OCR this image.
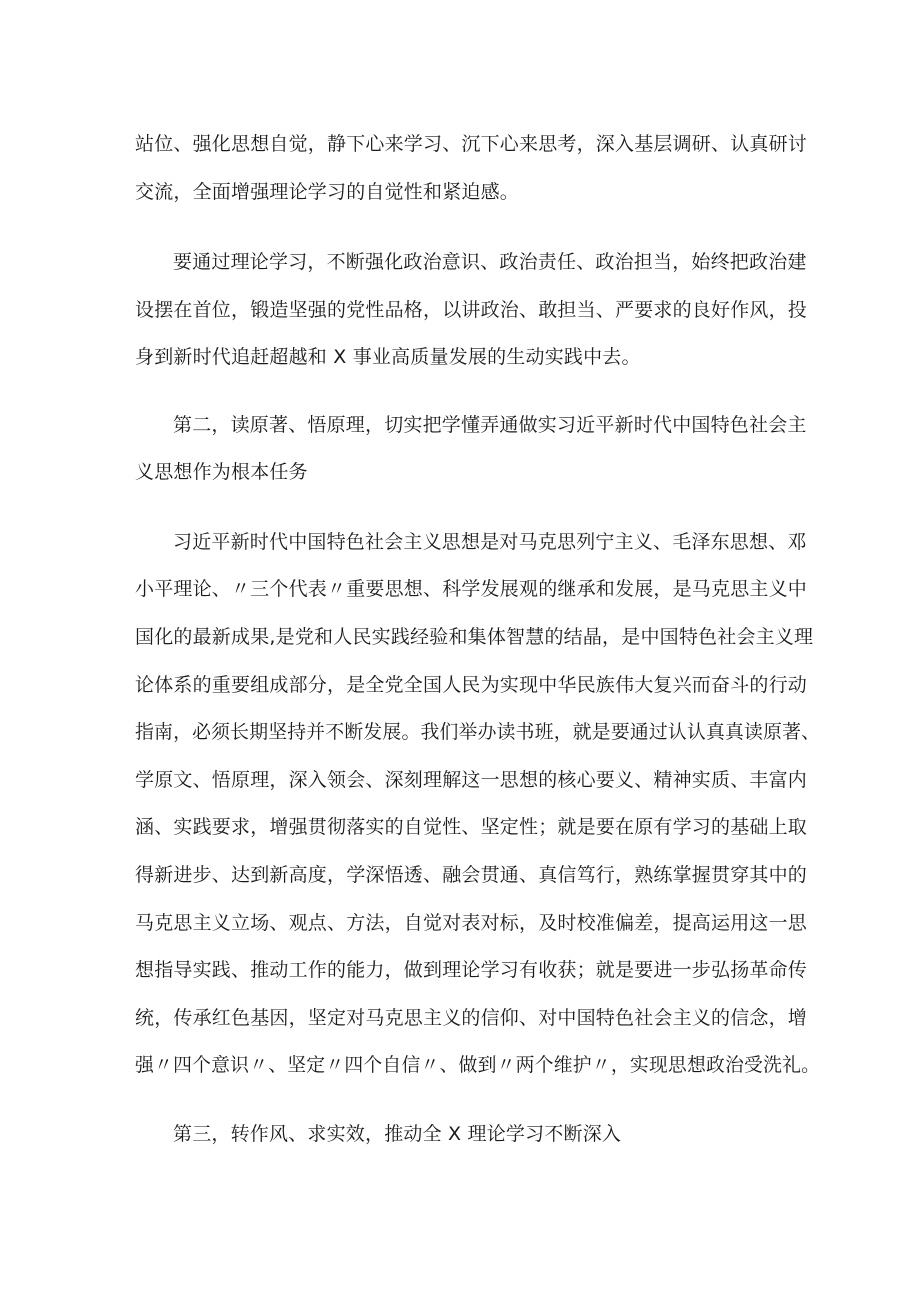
站位、强化思想自觉，静下心来学习、沉下心来思考，深入基层调研、认真研讨
交流，全面增强理论学习的自觉性和紧迫感。
要通过理论学习，不断强化政治意识、政治责任、政治担当，始终把政治建
设摆在首位，锻造坚强的党性品格，以讲政治、敢担当、严要求的良好作风，投
身到新时代追赶超越和 X 事业高质量发展的生动实践中去。
第二，读原著、悟原理，切实把学懂弄通做实习近平新时代中国特色社会主
义思想作为根本任务
习近平新时代中国特色社会主义思想是对马克思列宁主义、毛泽东思想、邓
小平理论、〃三个代表〃重要思想、科学发展观的继承和发展，是马克思主义中
国化的最新成果,是党和人民实践经验和集体智慧的结晶，是中国特色社会主义理
论体系的重要组成部分，是全党全国人民为实现中华民族伟大复兴而奋斗的行动
指南，必须长期坚持并不断发展。我们举办读书班，就是要通过认认真真读原著、
学原文、悟原理，深入领会、深刻理解这一思想的核心要义、精神实质、丰富内
涵、实践要求，增强贯彻落实的自觉性、坚定性；就是要在原有学习的基础上取
得新进步、达到新高度，学深悟透、融会贯通、真信笃行，熟练掌握贯穿其中的
马克思主义立场、观点、方法，自觉对表对标，及时校准偏差，提高运用这一思
想指导实践、推动工作的能力，做到理论学习有收获；就是要进一步弘扬革命传
统，传承红色基因，坚定对马克思主义的信仰、对中国特色社会主义的信念，增
强〃四个意识〃、坚定〃四个自信〃、做到〃两个维护〃，实现思想政治受洗礼。
第三，转作风、求实效，推动全 X 理论学习不断深入
